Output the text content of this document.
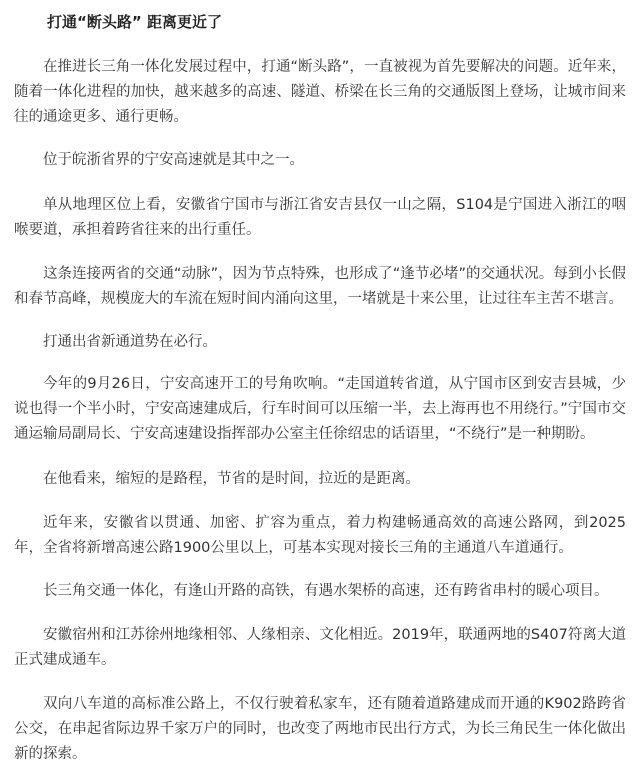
打通“断头路” 距离更近了

在推进长三角一体化发展过程中，打通“断头路”，一直被视为首先要解决的问题。近年来，随着一体化进程的加快，越来越多的高速、隧道、桥梁在长三角的交通版图上登场，让城市间来往的通途更多、通行更畅。

位于皖浙省界的宁安高速就是其中之一。

单从地理区位上看，安徽省宁国市与浙江省安吉县仅一山之隔，S104是宁国进入浙江的咽喉要道，承担着跨省往来的出行重任。

这条连接两省的交通“动脉”，因为节点特殊，也形成了“逢节必堵”的交通状况。每到小长假和春节高峰，规模庞大的车流在短时间内涌向这里，一堵就是十来公里，让过往车主苦不堪言。

打通出省新通道势在必行。

今年的9月26日，宁安高速开工的号角吹响。“走国道转省道，从宁国市区到安吉县城，少说也得一个半小时，宁安高速建成后，行车时间可以压缩一半，去上海再也不用绕行。”宁国市交通运输局副局长、宁安高速建设指挥部办公室主任徐绍忠的话语里，“不绕行”是一种期盼。

在他看来，缩短的是路程，节省的是时间，拉近的是距离。

近年来，安徽省以贯通、加密、扩容为重点，着力构建畅通高效的高速公路网，到2025年，全省将新增高速公路1900公里以上，可基本实现对接长三角的主通道八车道通行。

长三角交通一体化，有逢山开路的高铁，有遇水架桥的高速，还有跨省串村的暖心项目。

安徽宿州和江苏徐州地缘相邻、人缘相亲、文化相近。2019年，联通两地的S407符离大道正式建成通车。

双向八车道的高标准公路上，不仅行驶着私家车，还有随着道路建成而开通的K902路跨省公交，在串起省际边界千家万户的同时，也改变了两地市民出行方式，为长三角民生一体化做出新的探索。
